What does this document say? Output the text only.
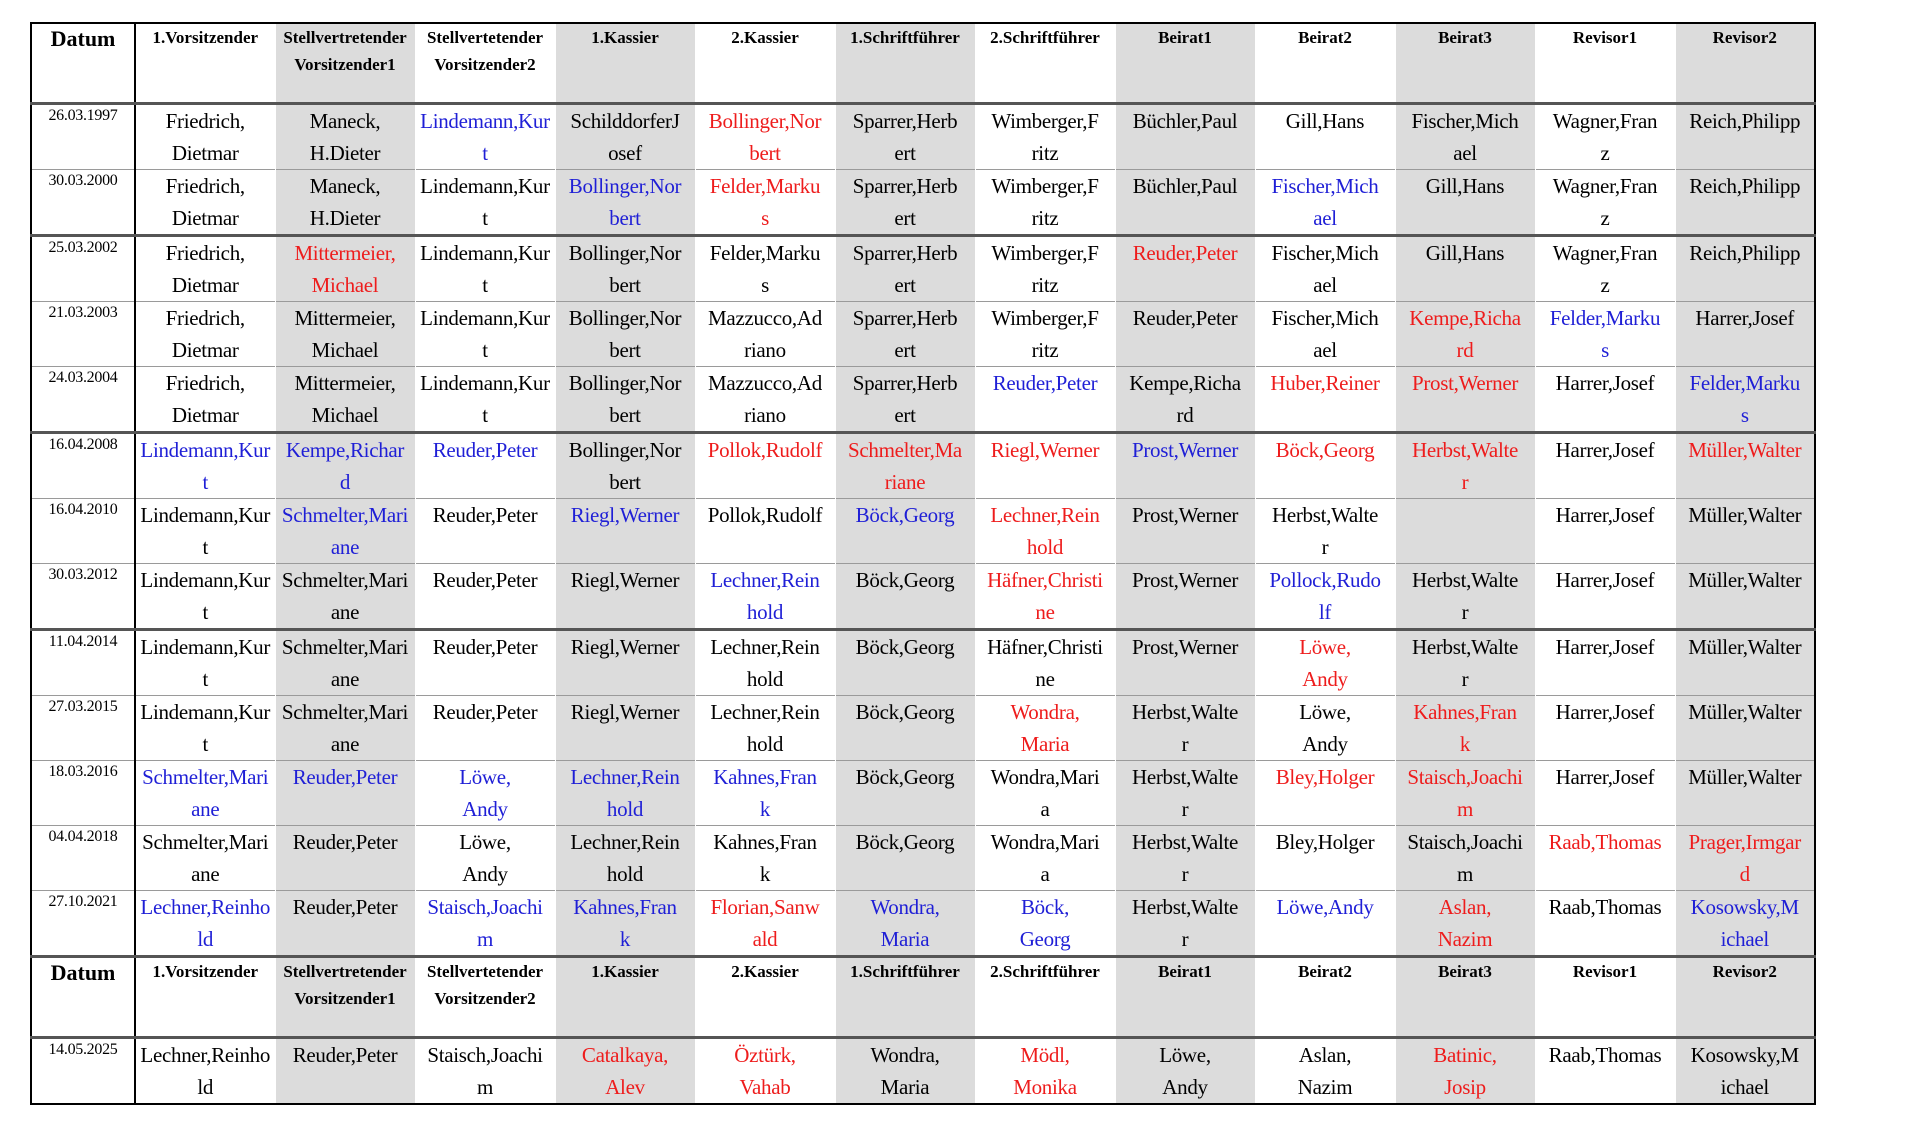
Datum	1.Vorsitzender	Stellvertretender
Vorsitzender1	Stellvertetender
Vorsitzender2	1.Kassier	2.Kassier	1.Schriftführer	2.Schriftführer	Beirat1	Beirat2	Beirat3	Revisor1	Revisor2

26.03.1997	Friedrich,
Dietmar	Maneck,
H.Dieter	Lindemann,Kur
t	SchilddorferJ
osef	Bollinger,Nor
bert	Sparrer,Herb
ert	Wimberger,F
ritz	Büchler,Paul	Gill,Hans	Fischer,Mich
ael	Wagner,Fran
z	Reich,Philipp

30.03.2000	Friedrich,
Dietmar	Maneck,
H.Dieter	Lindemann,Kur
t	Bollinger,Nor
bert	Felder,Marku
s	Sparrer,Herb
ert	Wimberger,F
ritz	Büchler,Paul	Fischer,Mich
ael	Gill,Hans	Wagner,Fran
z	Reich,Philipp

25.03.2002	Friedrich,
Dietmar	Mittermeier,
Michael	Lindemann,Kur
t	Bollinger,Nor
bert	Felder,Marku
s	Sparrer,Herb
ert	Wimberger,F
ritz	Reuder,Peter	Fischer,Mich
ael	Gill,Hans	Wagner,Fran
z	Reich,Philipp

21.03.2003	Friedrich,
Dietmar	Mittermeier,
Michael	Lindemann,Kur
t	Bollinger,Nor
bert	Mazzucco,Ad
riano	Sparrer,Herb
ert	Wimberger,F
ritz	Reuder,Peter	Fischer,Mich
ael	Kempe,Richa
rd	Felder,Marku
s	Harrer,Josef

24.03.2004	Friedrich,
Dietmar	Mittermeier,
Michael	Lindemann,Kur
t	Bollinger,Nor
bert	Mazzucco,Ad
riano	Sparrer,Herb
ert	Reuder,Peter	Kempe,Richa
rd	Huber,Reiner	Prost,Werner	Harrer,Josef	Felder,Marku
s

16.04.2008	Lindemann,Kur
t	Kempe,Richar
d	Reuder,Peter	Bollinger,Nor
bert	Pollok,Rudolf	Schmelter,Ma
riane	Riegl,Werner	Prost,Werner	Böck,Georg	Herbst,Walte
r	Harrer,Josef	Müller,Walter

16.04.2010	Lindemann,Kur
t	Schmelter,Mari
ane	Reuder,Peter	Riegl,Werner	Pollok,Rudolf	Böck,Georg	Lechner,Rein
hold	Prost,Werner	Herbst,Walte
r		Harrer,Josef	Müller,Walter

30.03.2012	Lindemann,Kur
t	Schmelter,Mari
ane	Reuder,Peter	Riegl,Werner	Lechner,Rein
hold	Böck,Georg	Häfner,Christi
ne	Prost,Werner	Pollock,Rudo
lf	Herbst,Walte
r	Harrer,Josef	Müller,Walter

11.04.2014	Lindemann,Kur
t	Schmelter,Mari
ane	Reuder,Peter	Riegl,Werner	Lechner,Rein
hold	Böck,Georg	Häfner,Christi
ne	Prost,Werner	Löwe,
Andy	Herbst,Walte
r	Harrer,Josef	Müller,Walter

27.03.2015	Lindemann,Kur
t	Schmelter,Mari
ane	Reuder,Peter	Riegl,Werner	Lechner,Rein
hold	Böck,Georg	Wondra,
Maria	Herbst,Walte
r	Löwe,
Andy	Kahnes,Fran
k	Harrer,Josef	Müller,Walter

18.03.2016	Schmelter,Mari
ane	Reuder,Peter	Löwe,
Andy	Lechner,Rein
hold	Kahnes,Fran
k	Böck,Georg	Wondra,Mari
a	Herbst,Walte
r	Bley,Holger	Staisch,Joachi
m	Harrer,Josef	Müller,Walter

04.04.2018	Schmelter,Mari
ane	Reuder,Peter	Löwe,
Andy	Lechner,Rein
hold	Kahnes,Fran
k	Böck,Georg	Wondra,Mari
a	Herbst,Walte
r	Bley,Holger	Staisch,Joachi
m	Raab,Thomas	Prager,Irmgar
d

27.10.2021	Lechner,Reinho
ld	Reuder,Peter	Staisch,Joachi
m	Kahnes,Fran
k	Florian,Sanw
ald	Wondra,
Maria	Böck,
Georg	Herbst,Walte
r	Löwe,Andy	Aslan,
Nazim	Raab,Thomas	Kosowsky,M
ichael

Datum	1.Vorsitzender	Stellvertretender
Vorsitzender1	Stellvertetender
Vorsitzender2	1.Kassier	2.Kassier	1.Schriftführer	2.Schriftführer	Beirat1	Beirat2	Beirat3	Revisor1	Revisor2

14.05.2025	Lechner,Reinho
ld	Reuder,Peter	Staisch,Joachi
m	Catalkaya,
Alev	Öztürk,
Vahab	Wondra,
Maria	Mödl,
Monika	Löwe,
Andy	Aslan,
Nazim	Batinic,
Josip	Raab,Thomas	Kosowsky,M
ichael
